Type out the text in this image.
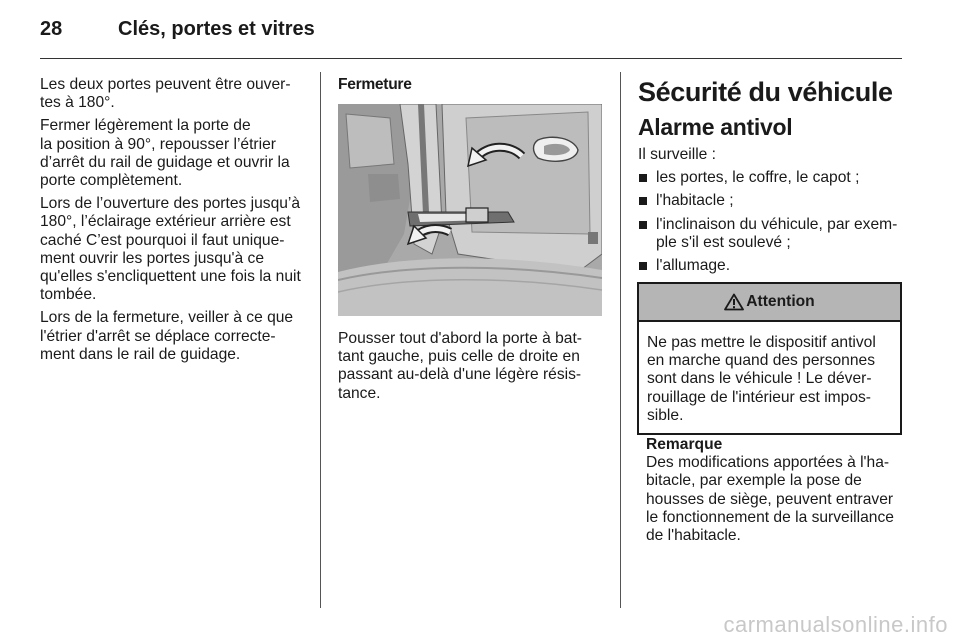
28	Clés, portes et vitres

Les deux portes peuvent être ouver-
tes à 180°.

Fermer légèrement la porte de
la position à 90°, repousser l’étrier
d’arrêt du rail de guidage et ouvrir la
porte complètement.

Lors de l’ouverture des portes jusqu’à
180°, l’éclairage extérieur arrière est
caché C’est pourquoi il faut unique-
ment ouvrir les portes jusqu'à ce
qu'elles s'encliquettent une fois la nuit
tombée.

Lors de la fermeture, veiller à ce que
l'étrier d'arrêt se déplace correcte-
ment dans le rail de guidage.

Fermeture

Pousser tout d'abord la porte à bat-
tant gauche, puis celle de droite en
passant au-delà d'une légère résis-
tance.

Sécurité du véhicule

Alarme antivol

Il surveille :

les portes, le coffre, le capot ;
l'habitacle ;
l'inclinaison du véhicule, par exem-
ple s'il est soulevé ;
l'allumage.
Attention
Ne pas mettre le dispositif antivol
en marche quand des personnes
sont dans le véhicule ! Le déver-
rouillage de l'intérieur est impos-
sible.
Remarque
Des modifications apportées à l'ha-
bitacle, par exemple la pose de
housses de siège, peuvent entraver
le fonctionnement de la surveillance
de l'habitacle.
carmanualsonline.info
